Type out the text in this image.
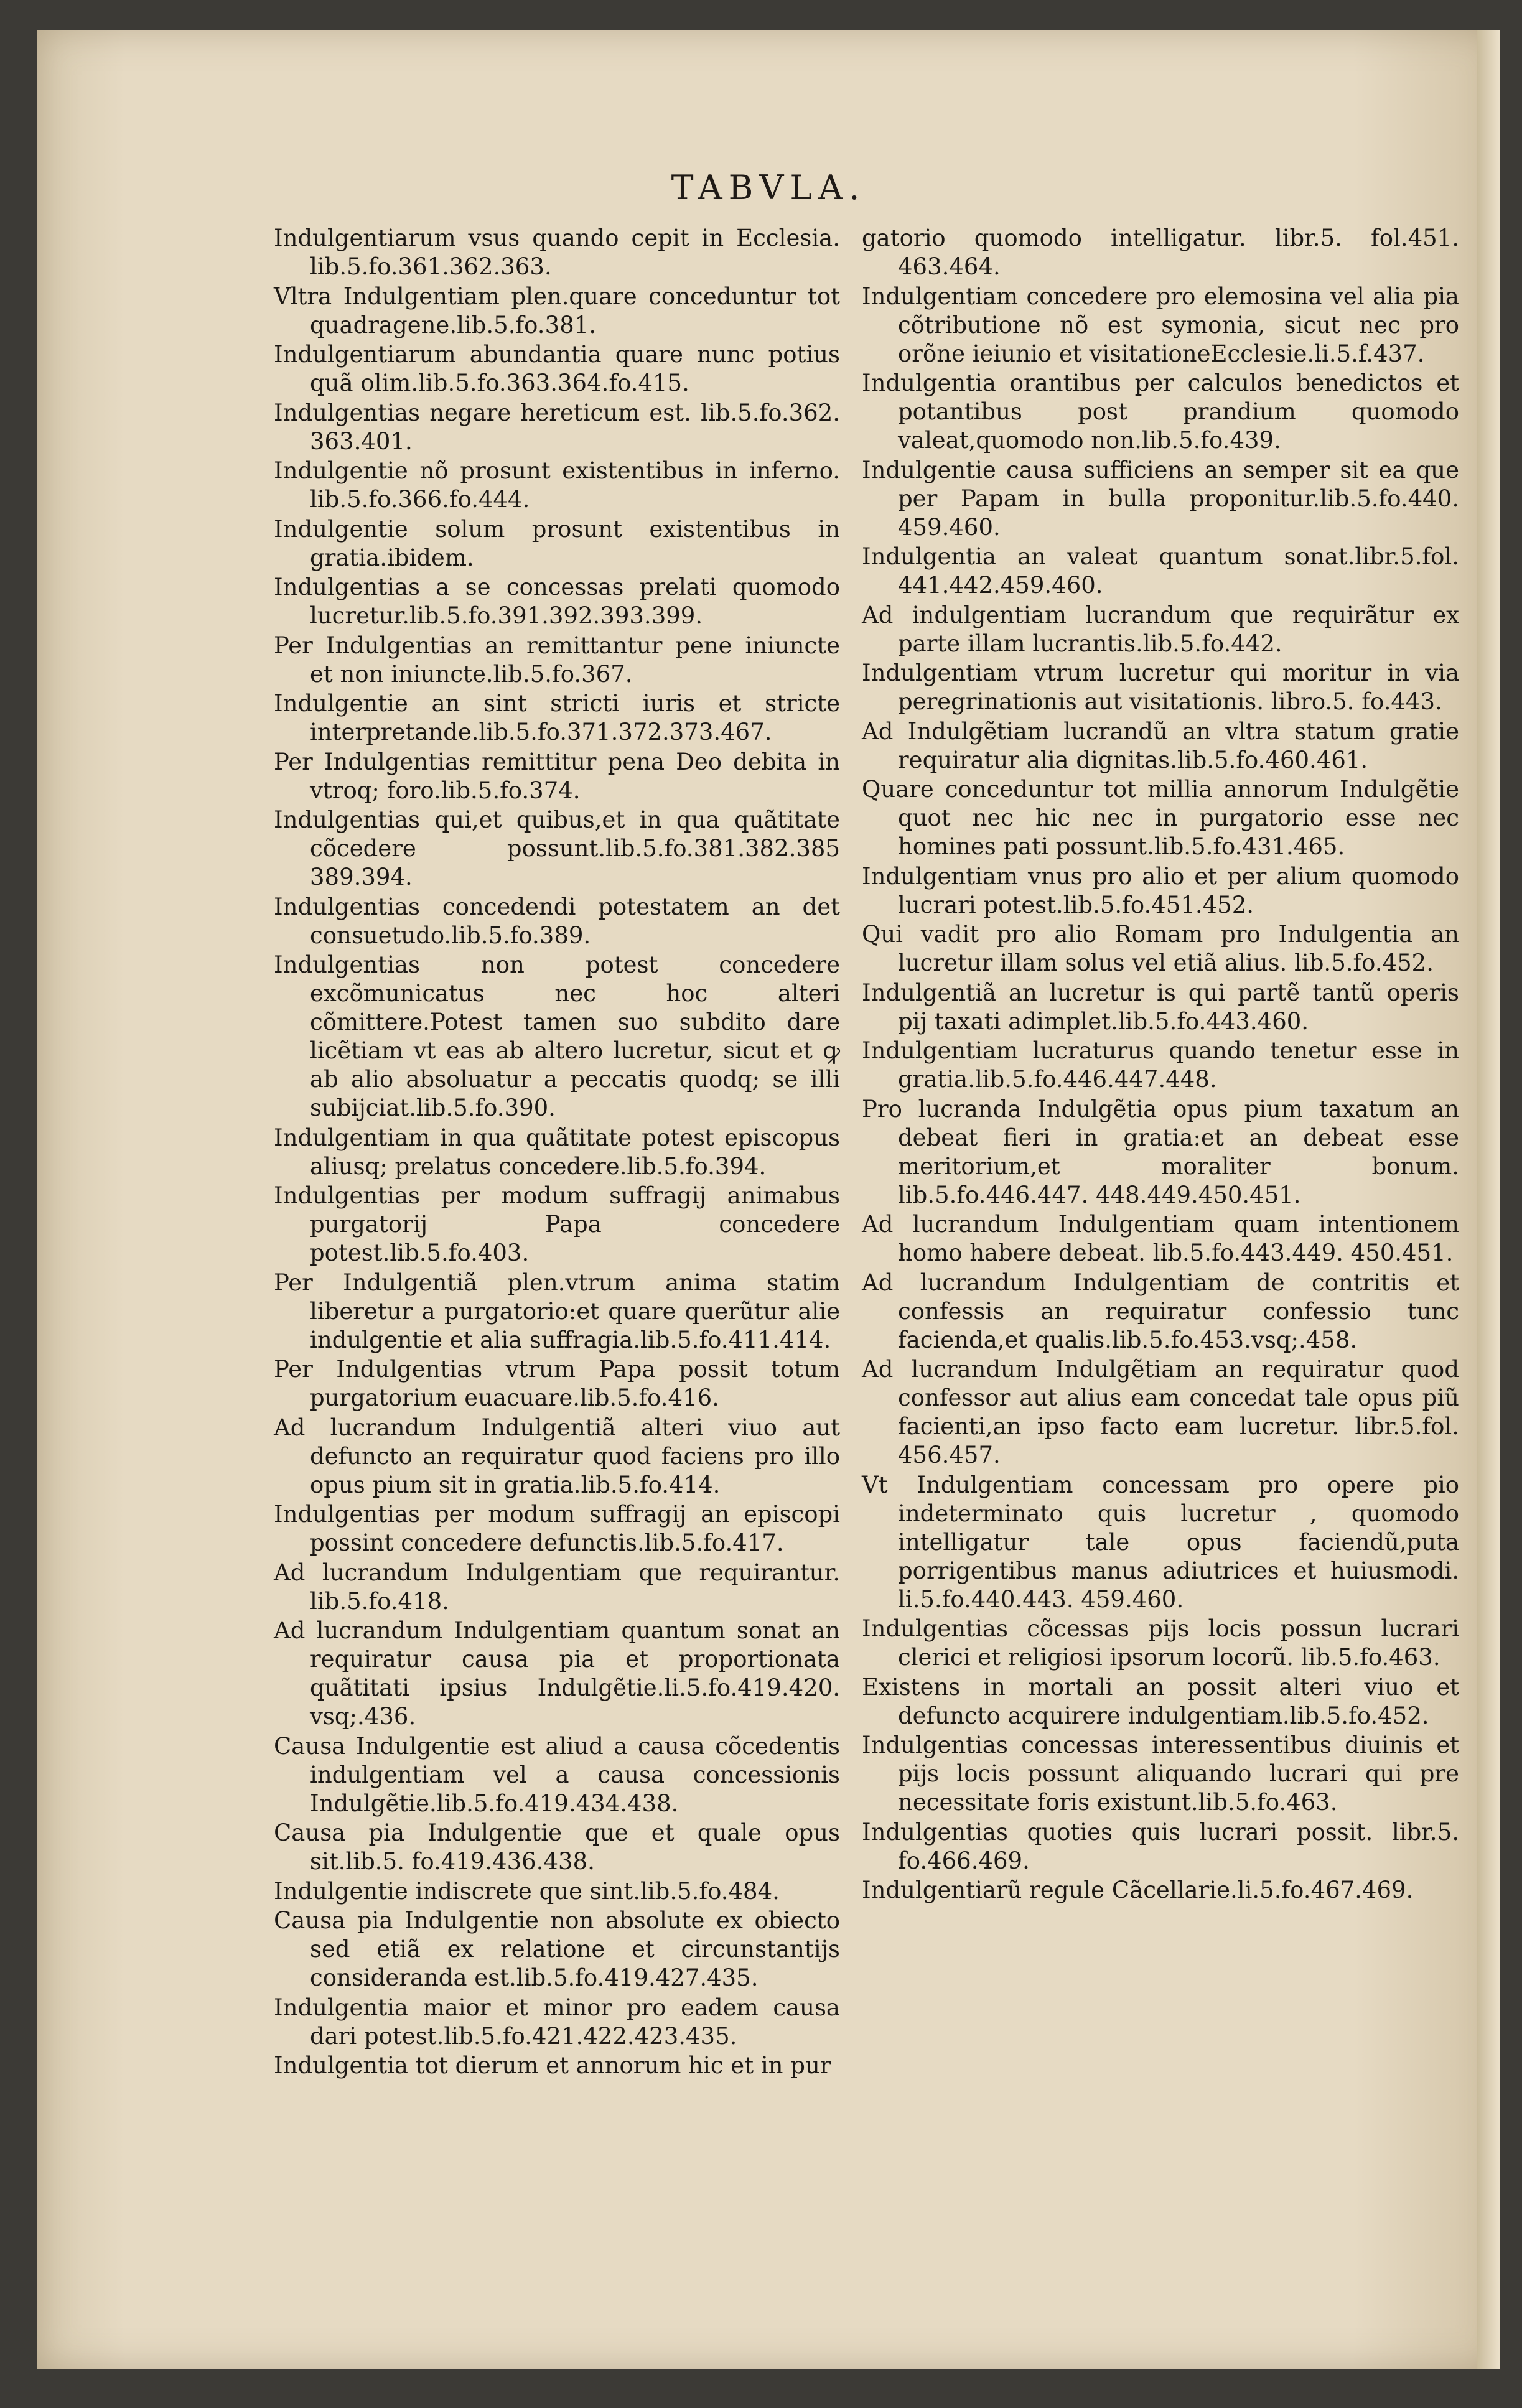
TABVLA.

Indulgentiarum vsus quando cepit in Ecclesia. lib.5.fo.361.362.363.

Vltra Indulgentiam plen.quare conceduntur tot quadragene.lib.5.fo.381.

Indulgentiarum abundantia quare nunc potius quã olim.lib.5.fo.363.364.fo.415.

Indulgentias negare hereticum est. lib.5.fo.362. 363.401.

Indulgentie nõ prosunt existentibus in inferno. lib.5.fo.366.fo.444.

Indulgentie solum prosunt existentibus in gratia.ibidem.

Indulgentias a se concessas prelati quomodo lucretur.lib.5.fo.391.392.393.399.

Per Indulgentias an remittantur pene iniuncte et non iniuncte.lib.5.fo.367.

Indulgentie an sint stricti iuris et stricte interpretande.lib.5.fo.371.372.373.467.

Per Indulgentias remittitur pena Deo debita in vtroq; foro.lib.5.fo.374.

Indulgentias qui,et quibus,et in qua quãtitate cõcedere possunt.lib.5.fo.381.382.385 389.394.

Indulgentias concedendi potestatem an det consuetudo.lib.5.fo.389.

Indulgentias non potest concedere excõmunicatus nec hoc alteri cõmittere.Potest tamen suo subdito dare licẽtiam vt eas ab altero lucretur, sicut et ꝙ ab alio absoluatur a peccatis quodq; se illi subijciat.lib.5.fo.390.

Indulgentiam in qua quãtitate potest episcopus aliusq; prelatus concedere.lib.5.fo.394.

Indulgentias per modum suffragij animabus purgatorij Papa concedere potest.lib.5.fo.403.

Per Indulgentiã plen.vtrum anima statim liberetur a purgatorio:et quare querũtur alie indulgentie et alia suffragia.lib.5.fo.411.414.

Per Indulgentias vtrum Papa possit totum purgatorium euacuare.lib.5.fo.416.

Ad lucrandum Indulgentiã alteri viuo aut defuncto an requiratur quod faciens pro illo opus pium sit in gratia.lib.5.fo.414.

Indulgentias per modum suffragij an episcopi possint concedere defunctis.lib.5.fo.417.

Ad lucrandum Indulgentiam que requirantur. lib.5.fo.418.

Ad lucrandum Indulgentiam quantum sonat an requiratur causa pia et proportionata quãtitati ipsius Indulgẽtie.li.5.fo.419.420. vsq;.436.

Causa Indulgentie est aliud a causa cõcedentis indulgentiam vel a causa concessionis Indulgẽtie.lib.5.fo.419.434.438.

Causa pia Indulgentie que et quale opus sit.lib.5. fo.419.436.438.

Indulgentie indiscrete que sint.lib.5.fo.484.

Causa pia Indulgentie non absolute ex obiecto sed etiã ex relatione et circunstantijs consideranda est.lib.5.fo.419.427.435.

Indulgentia maior et minor pro eadem causa dari potest.lib.5.fo.421.422.423.435.

Indulgentia tot dierum et annorum hic et in pur

gatorio quomodo intelligatur. libr.5. fol.451. 463.464.

Indulgentiam concedere pro elemosina vel alia pia cõtributione nõ est symonia, sicut nec pro orõne ieiunio et visitationeEcclesie.li.5.f.437.

Indulgentia orantibus per calculos benedictos et potantibus post prandium quomodo valeat,quomodo non.lib.5.fo.439.

Indulgentie causa sufficiens an semper sit ea que per Papam in bulla proponitur.lib.5.fo.440. 459.460.

Indulgentia an valeat quantum sonat.libr.5.fol. 441.442.459.460.

Ad indulgentiam lucrandum que requirãtur ex parte illam lucrantis.lib.5.fo.442.

Indulgentiam vtrum lucretur qui moritur in via peregrinationis aut visitationis. libro.5. fo.443.

Ad Indulgẽtiam lucrandũ an vltra statum gratie requiratur alia dignitas.lib.5.fo.460.461.

Quare conceduntur tot millia annorum Indulgẽtie quot nec hic nec in purgatorio esse nec homines pati possunt.lib.5.fo.431.465.

Indulgentiam vnus pro alio et per alium quomodo lucrari potest.lib.5.fo.451.452.

Qui vadit pro alio Romam pro Indulgentia an lucretur illam solus vel etiã alius. lib.5.fo.452.

Indulgentiã an lucretur is qui partẽ tantũ operis pij taxati adimplet.lib.5.fo.443.460.

Indulgentiam lucraturus quando tenetur esse in gratia.lib.5.fo.446.447.448.

Pro lucranda Indulgẽtia opus pium taxatum an debeat fieri in gratia:et an debeat esse meritorium,et moraliter bonum. lib.5.fo.446.447. 448.449.450.451.

Ad lucrandum Indulgentiam quam intentionem homo habere debeat. lib.5.fo.443.449. 450.451.

Ad lucrandum Indulgentiam de contritis et confessis an requiratur confessio tunc facienda,et qualis.lib.5.fo.453.vsq;.458.

Ad lucrandum Indulgẽtiam an requiratur quod confessor aut alius eam concedat tale opus piũ facienti,an ipso facto eam lucretur. libr.5.fol. 456.457.

Vt Indulgentiam concessam pro opere pio indeterminato quis lucretur , quomodo intelligatur tale opus faciendũ,puta porrigentibus manus adiutrices et huiusmodi. li.5.fo.440.443. 459.460.

Indulgentias cõcessas pijs locis possun lucrari clerici et religiosi ipsorum locorũ. lib.5.fo.463.

Existens in mortali an possit alteri viuo et defuncto acquirere indulgentiam.lib.5.fo.452.

Indulgentias concessas interessentibus diuinis et pijs locis possunt aliquando lucrari qui pre necessitate foris existunt.lib.5.fo.463.

Indulgentias quoties quis lucrari possit. libr.5. fo.466.469.

Indulgentiarũ regule Cãcellarie.li.5.fo.467.469.
